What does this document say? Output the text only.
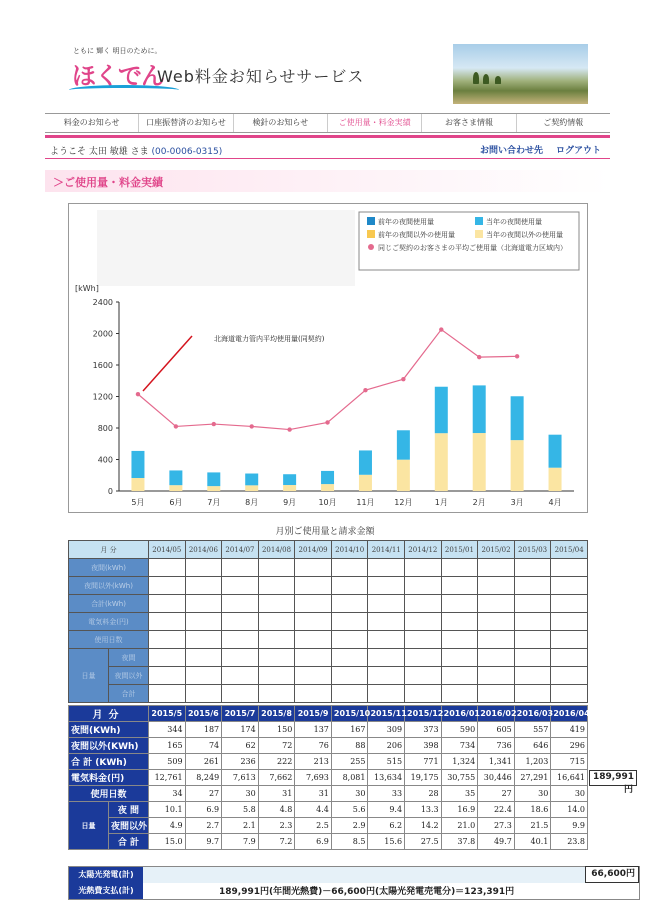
ともに 輝く 明日のために。
ほくでん
Web料金お知らせサービス
料金のお知らせ	口座振替済のお知らせ	検針のお知らせ	ご使用量・料金実績	お客さま情報	ご契約情報
ようこそ 太田 敏雄 さま (00-0006-0315)	お問い合わせ先 ログアウト
＞ご使用量・料金実績
前年の夜間使用量	当年の夜間使用量
前年の夜間以外の使用量	当年の夜間以外の使用量
同じご契約のお客さまの平均ご使用量（北海道電力区域内）
[kWh]
0
400
800
1200
1600
2000
2400
5月	6月	7月	8月	9月	10月 11月 12月	1月	2月	3月	4月
北海道電力管内平均使用量(同契約)
月別ご使用量と請求金額
月 分		2014/05	2014/06	2014/07	2014/08	2014/09	2014/10	2014/11	2014/12	2015/01	2015/02	2015/03	2015/04
夜間(kWh)													
夜間以外(kWh)													
合計(kWh)													
電気料金(円)													
使用日数													
日量	夜間												
	夜間以外												
	合計												
月分		2015/5	2015/6	2015/7	2015/8	2015/9	2015/10	2015/11	2015/12	2016/01	2016/02	2016/03	2016/04
夜間(KWh)		344	187	174	150	137	167	309	373	590	605	557	419
夜間以外(KWh)		165	74	62	72	76	88	206	398	734	736	646	296
合 計 (KWh)		509	261	236	222	213	255	515	771	1,324	1,341	1,203	715
電気料金(円)		12,761	8,249	7,613	7,662	7,693	8,081	13,634	19,175	30,755	30,446	27,291	16,641
使用日数		34	27	30	31	31	30	33	28	35	27	30	30
日量	夜 間	10.1	6.9	5.8	4.8	4.4	5.6	9.4	13.3	16.9	22.4	18.6	14.0
	夜間以外	4.9	2.7	2.1	2.3	2.5	2.9	6.2	14.2	21.0	27.3	21.5	9.9
	合 計	15.0	9.7	7.9	7.2	6.9	8.5	15.6	27.5	37.8	49.7	40.1	23.8
189,991円
太陽光発電(計)	66,600円
光熱費支払(計)	189,991円(年間光熱費)－66,600円(太陽光発電売電分)＝123,391円
